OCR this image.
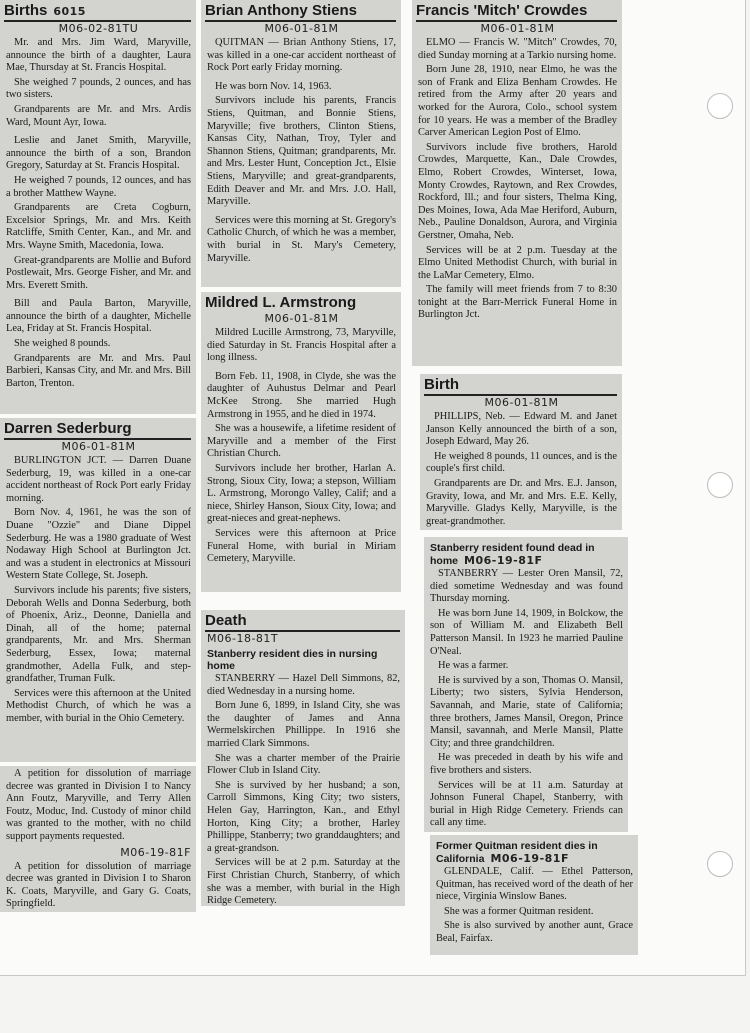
Births 6015
M06-02-81TU

Mr. and Mrs. Jim Ward, Maryville, announce the birth of a daughter, Laura Mae, Thursday at St. Francis Hospital.

She weighed 7 pounds, 2 ounces, and has two sisters.

Grandparents are Mr. and Mrs. Ardis Ward, Mount Ayr, Iowa.

Leslie and Janet Smith, Maryville, announce the birth of a son, Brandon Gregory, Saturday at St. Francis Hospital.

He weighed 7 pounds, 12 ounces, and has a brother Matthew Wayne.

Grandparents are Creta Cogburn, Excelsior Springs, Mr. and Mrs. Keith Ratcliffe, Smith Center, Kan., and Mr. and Mrs. Wayne Smith, Macedonia, Iowa.

Great-grandparents are Mollie and Buford Postlewait, Mrs. George Fisher, and Mr. and Mrs. Everett Smith.

Bill and Paula Barton, Maryville, announce the birth of a daughter, Michelle Lea, Friday at St. Francis Hospital.

She weighed 8 pounds.

Grandparents are Mr. and Mrs. Paul Barbieri, Kansas City, and Mr. and Mrs. Bill Barton, Trenton.

Darren Sederburg
M06-01-81M

BURLINGTON JCT. — Darren Duane Sederburg, 19, was killed in a one-car accident northeast of Rock Port early Friday morning.

Born Nov. 4, 1961, he was the son of Duane "Ozzie" and Diane Dippel Sederburg. He was a 1980 graduate of West Nodaway High School at Burlington Jct. and was a student in electronics at Missouri Western State College, St. Joseph.

Survivors include his parents; five sisters, Deborah Wells and Donna Sederburg, both of Phoenix, Ariz., Deonne, Daniella and Dinah, all of the home; paternal grandparents, Mr. and Mrs. Sherman Sederburg, Essex, Iowa; maternal grandmother, Adella Fulk, and step-grandfather, Truman Fulk.

Services were this afternoon at the United Methodist Church, of which he was a member, with burial in the Ohio Cemetery.

A petition for dissolution of marriage decree was granted in Division I to Nancy Ann Foutz, Maryville, and Terry Allen Foutz, Moduc, Ind. Custody of minor child was granted to the mother, with no child support payments requested.

M06-19-81F

A petition for dissolution of marriage decree was granted in Division I to Sharon K. Coats, Maryville, and Gary G. Coats, Springfield.

Brian Anthony Stiens
M06-01-81M

QUITMAN — Brian Anthony Stiens, 17, was killed in a one-car accident northeast of Rock Port early Friday morning.

He was born Nov. 14, 1963.

Survivors include his parents, Francis Stiens, Quitman, and Bonnie Stiens, Maryville; five brothers, Clinton Stiens, Kansas City, Nathan, Troy, Tyler and Shannon Stiens, Quitman; grandparents, Mr. and Mrs. Lester Hunt, Conception Jct., Elsie Stiens, Maryville; and great-grandparents, Edith Deaver and Mr. and Mrs. J.O. Hall, Maryville.

Services were this morning at St. Gregory's Catholic Church, of which he was a member, with burial in St. Mary's Cemetery, Maryville.

Mildred L. Armstrong
M06-01-81M

Mildred Lucille Armstrong, 73, Maryville, died Saturday in St. Francis Hospital after a long illness.

Born Feb. 11, 1908, in Clyde, she was the daughter of Auhustus Delmar and Pearl McKee Strong. She married Hugh Armstrong in 1955, and he died in 1974.

She was a housewife, a lifetime resident of Maryville and a member of the First Christian Church.

Survivors include her brother, Harlan A. Strong, Sioux City, Iowa; a stepson, William L. Armstrong, Morongo Valley, Calif; and a niece, Shirley Hanson, Sioux City, Iowa; and great-nieces and great-nephews.

Services were this afternoon at Price Funeral Home, with burial in Miriam Cemetery, Maryville.

Death
M06-18-81T
Stanberry resident dies in nursing home

STANBERRY — Hazel Dell Simmons, 82, died Wednesday in a nursing home.

Born June 6, 1899, in Island City, she was the daughter of James and Anna Wermelskirchen Phillippe. In 1916 she married Clark Simmons.

She was a charter member of the Prairie Flower Club in Island City.

She is survived by her husband; a son, Carroll Simmons, King City; two sisters, Helen Gay, Harrington, Kan., and Ethyl Horton, King City; a brother, Harley Phillippe, Stanberry; two granddaughters; and a great-grandson.

Services will be at 2 p.m. Saturday at the First Christian Church, Stanberry, of which she was a member, with burial in the High Ridge Cemetery.

Francis 'Mitch' Crowdes
M06-01-81M

ELMO — Francis W. "Mitch" Crowdes, 70, died Sunday morning at a Tarkio nursing home.

Born June 28, 1910, near Elmo, he was the son of Frank and Eliza Benham Crowdes. He retired from the Army after 20 years and worked for the Aurora, Colo., school system for 10 years. He was a member of the Bradley Carver American Legion Post of Elmo.

Survivors include five brothers, Harold Crowdes, Marquette, Kan., Dale Crowdes, Elmo, Robert Crowdes, Winterset, Iowa, Monty Crowdes, Raytown, and Rex Crowdes, Rockford, Ill.; and four sisters, Thelma King, Des Moines, Iowa, Ada Mae Heriford, Auburn, Neb., Pauline Donaldson, Aurora, and Virginia Gerstner, Omaha, Neb.

Services will be at 2 p.m. Tuesday at the Elmo United Methodist Church, with burial in the LaMar Cemetery, Elmo.

The family will meet friends from 7 to 8:30 tonight at the Barr-Merrick Funeral Home in Burlington Jct.

Birth
M06-01-81M

PHILLIPS, Neb. — Edward M. and Janet Janson Kelly announced the birth of a son, Joseph Edward, May 26.

He weighed 8 pounds, 11 ounces, and is the couple's first child.

Grandparents are Dr. and Mrs. E.J. Janson, Gravity, Iowa, and Mr. and Mrs. E.E. Kelly, Maryville. Gladys Kelly, Maryville, is the great-grandmother.

Stanberry resident found dead in home M06-19-81F

STANBERRY — Lester Oren Mansil, 72, died sometime Wednesday and was found Thursday morning.

He was born June 14, 1909, in Bolckow, the son of William M. and Elizabeth Bell Patterson Mansil. In 1923 he married Pauline O'Neal.

He was a farmer.

He is survived by a son, Thomas O. Mansil, Liberty; two sisters, Sylvia Henderson, Savannah, and Marie, state of California; three brothers, James Mansil, Oregon, Prince Mansil, savannah, and Merle Mansil, Platte City; and three grandchildren.

He was preceded in death by his wife and five brothers and sisters.

Services will be at 11 a.m. Saturday at Johnson Funeral Chapel, Stanberry, with burial in High Ridge Cemetery. Friends can call any time.

Former Quitman resident dies in California M06-19-81F

GLENDALE, Calif. — Ethel Patterson, Quitman, has received word of the death of her niece, Virginia Winslow Banes.

She was a former Quitman resident.

She is also survived by another aunt, Grace Beal, Fairfax.
